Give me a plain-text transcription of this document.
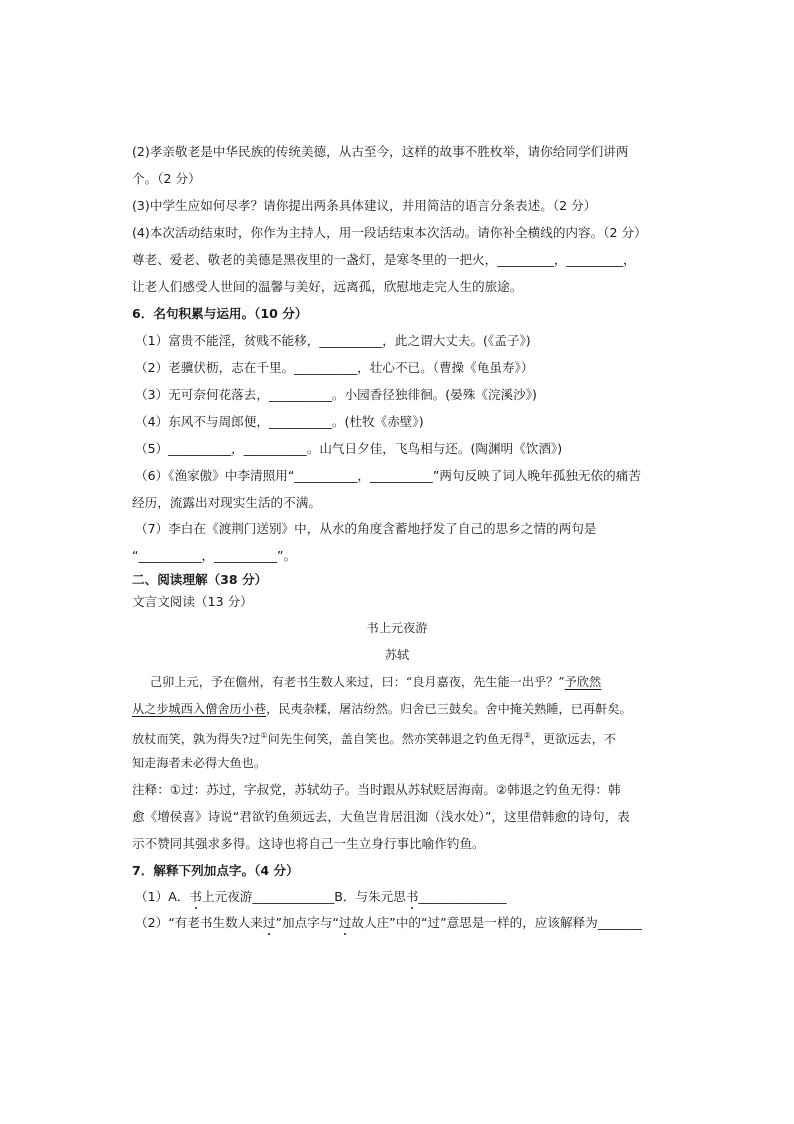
(2)孝亲敬老是中华民族的传统美德，从古至今，这样的故事不胜枚举，请你给同学们讲两

个。（2 分）

(3)中学生应如何尽孝？请你提出两条具体建议，并用简洁的语言分条表述。（2 分）

(4)本次活动结束时，你作为主持人，用一段话结束本次活动。请你补全横线的内容。（2 分）

尊老、爱老、敬老的美德是黑夜里的一盏灯，是寒冬里的一把火，_________，_________，

让老人们感受人世间的温馨与美好，远离孤，欣慰地走完人生的旅途。

6．名句积累与运用。（10 分）

（1）富贵不能淫，贫贱不能移，__________，此之谓大丈夫。(《孟子》)

（2）老骥伏枥，志在千里。__________，壮心不已。（曹操《龟虽寿》）

（3）无可奈何花落去，__________。小园香径独徘徊。(晏殊《浣溪沙》)

（4）东风不与周郎便，__________。(杜牧《赤壁》)

（5）__________，__________。山气日夕佳，飞鸟相与还。(陶渊明《饮酒》)

（6）《渔家傲》中李清照用“__________，__________”两句反映了词人晚年孤独无依的痛苦

经历，流露出对现实生活的不满。

（7）李白在《渡荆门送别》中，从水的角度含蓄地抒发了自己的思乡之情的两句是

“__________，__________”。

二、阅读理解（38 分）

文言文阅读（13 分）

书上元夜游

苏轼

己卯上元，予在儋州，有老书生数人来过，曰：“良月嘉夜，先生能一出乎？”予欣然

从之步城西入僧舍历小巷，民夷杂糅，屠沽纷然。归舍已三鼓矣。舍中掩关熟睡，已再鼾矣。

放杖而笑，孰为得失?过①问先生何笑，盖自笑也。然亦笑韩退之钓鱼无得②，更欲远去，不

知走海者未必得大鱼也。

注释：①过：苏过，字叔党，苏轼幼子。当时跟从苏轼贬居海南。②韩退之钓鱼无得：韩

愈《增侯喜》诗说“君欲钓鱼须远去，大鱼岂肯居沮洳（浅水处）”，这里借韩愈的诗句，表

示不赞同其强求多得。这诗也将自己一生立身行事比喻作钓鱼。

7．解释下列加点字。（4 分）

（1）A．书上元夜游_____________B．与朱元思书______________

（2）“有老书生数人来过”加点字与“过故人庄”中的“过”意思是一样的，应该解释为_______
